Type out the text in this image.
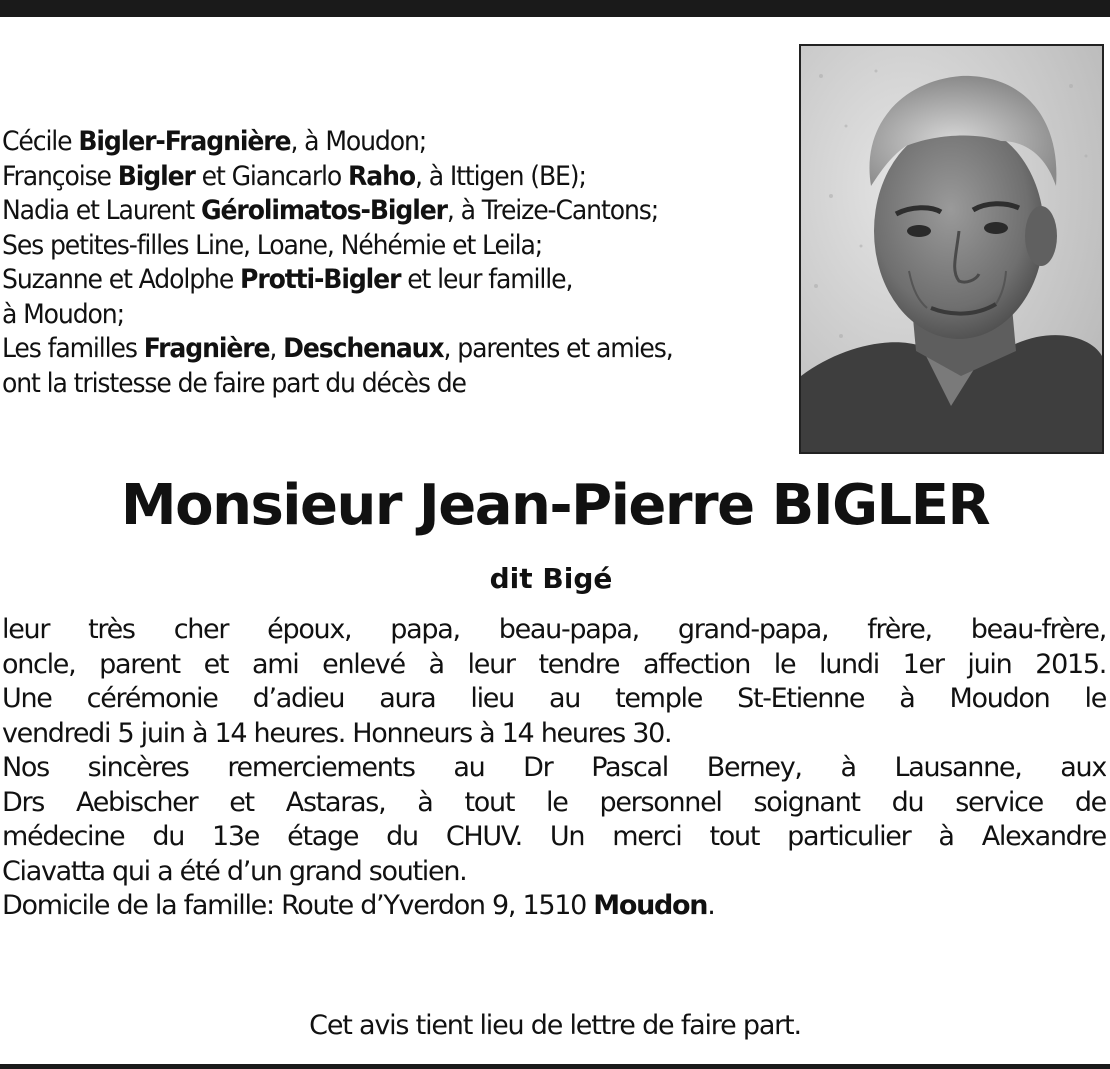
Cécile Bigler-Fragnière, à Moudon;
Françoise Bigler et Giancarlo Raho, à Ittigen (BE);
Nadia et Laurent Gérolimatos-Bigler, à Treize-Cantons;
Ses petites-filles Line, Loane, Néhémie et Leila;
Suzanne et Adolphe Protti-Bigler et leur famille,
à Moudon;
Les familles Fragnière, Deschenaux, parentes et amies,
ont la tristesse de faire part du décès de
Monsieur Jean-Pierre BIGLER
dit Bigé
leur très cher époux, papa, beau-papa, grand-papa, frère, beau-frère,
oncle, parent et ami enlevé à leur tendre affection le lundi 1er juin 2015.
Une cérémonie d’adieu aura lieu au temple St-Etienne à Moudon le
vendredi 5 juin à 14 heures. Honneurs à 14 heures 30.
Nos sincères remerciements au Dr Pascal Berney, à Lausanne, aux
Drs Aebischer et Astaras, à tout le personnel soignant du service de
médecine du 13e étage du CHUV. Un merci tout particulier à Alexandre
Ciavatta qui a été d’un grand soutien.
Domicile de la famille: Route d’Yverdon 9, 1510 Moudon.
Cet avis tient lieu de lettre de faire part.
